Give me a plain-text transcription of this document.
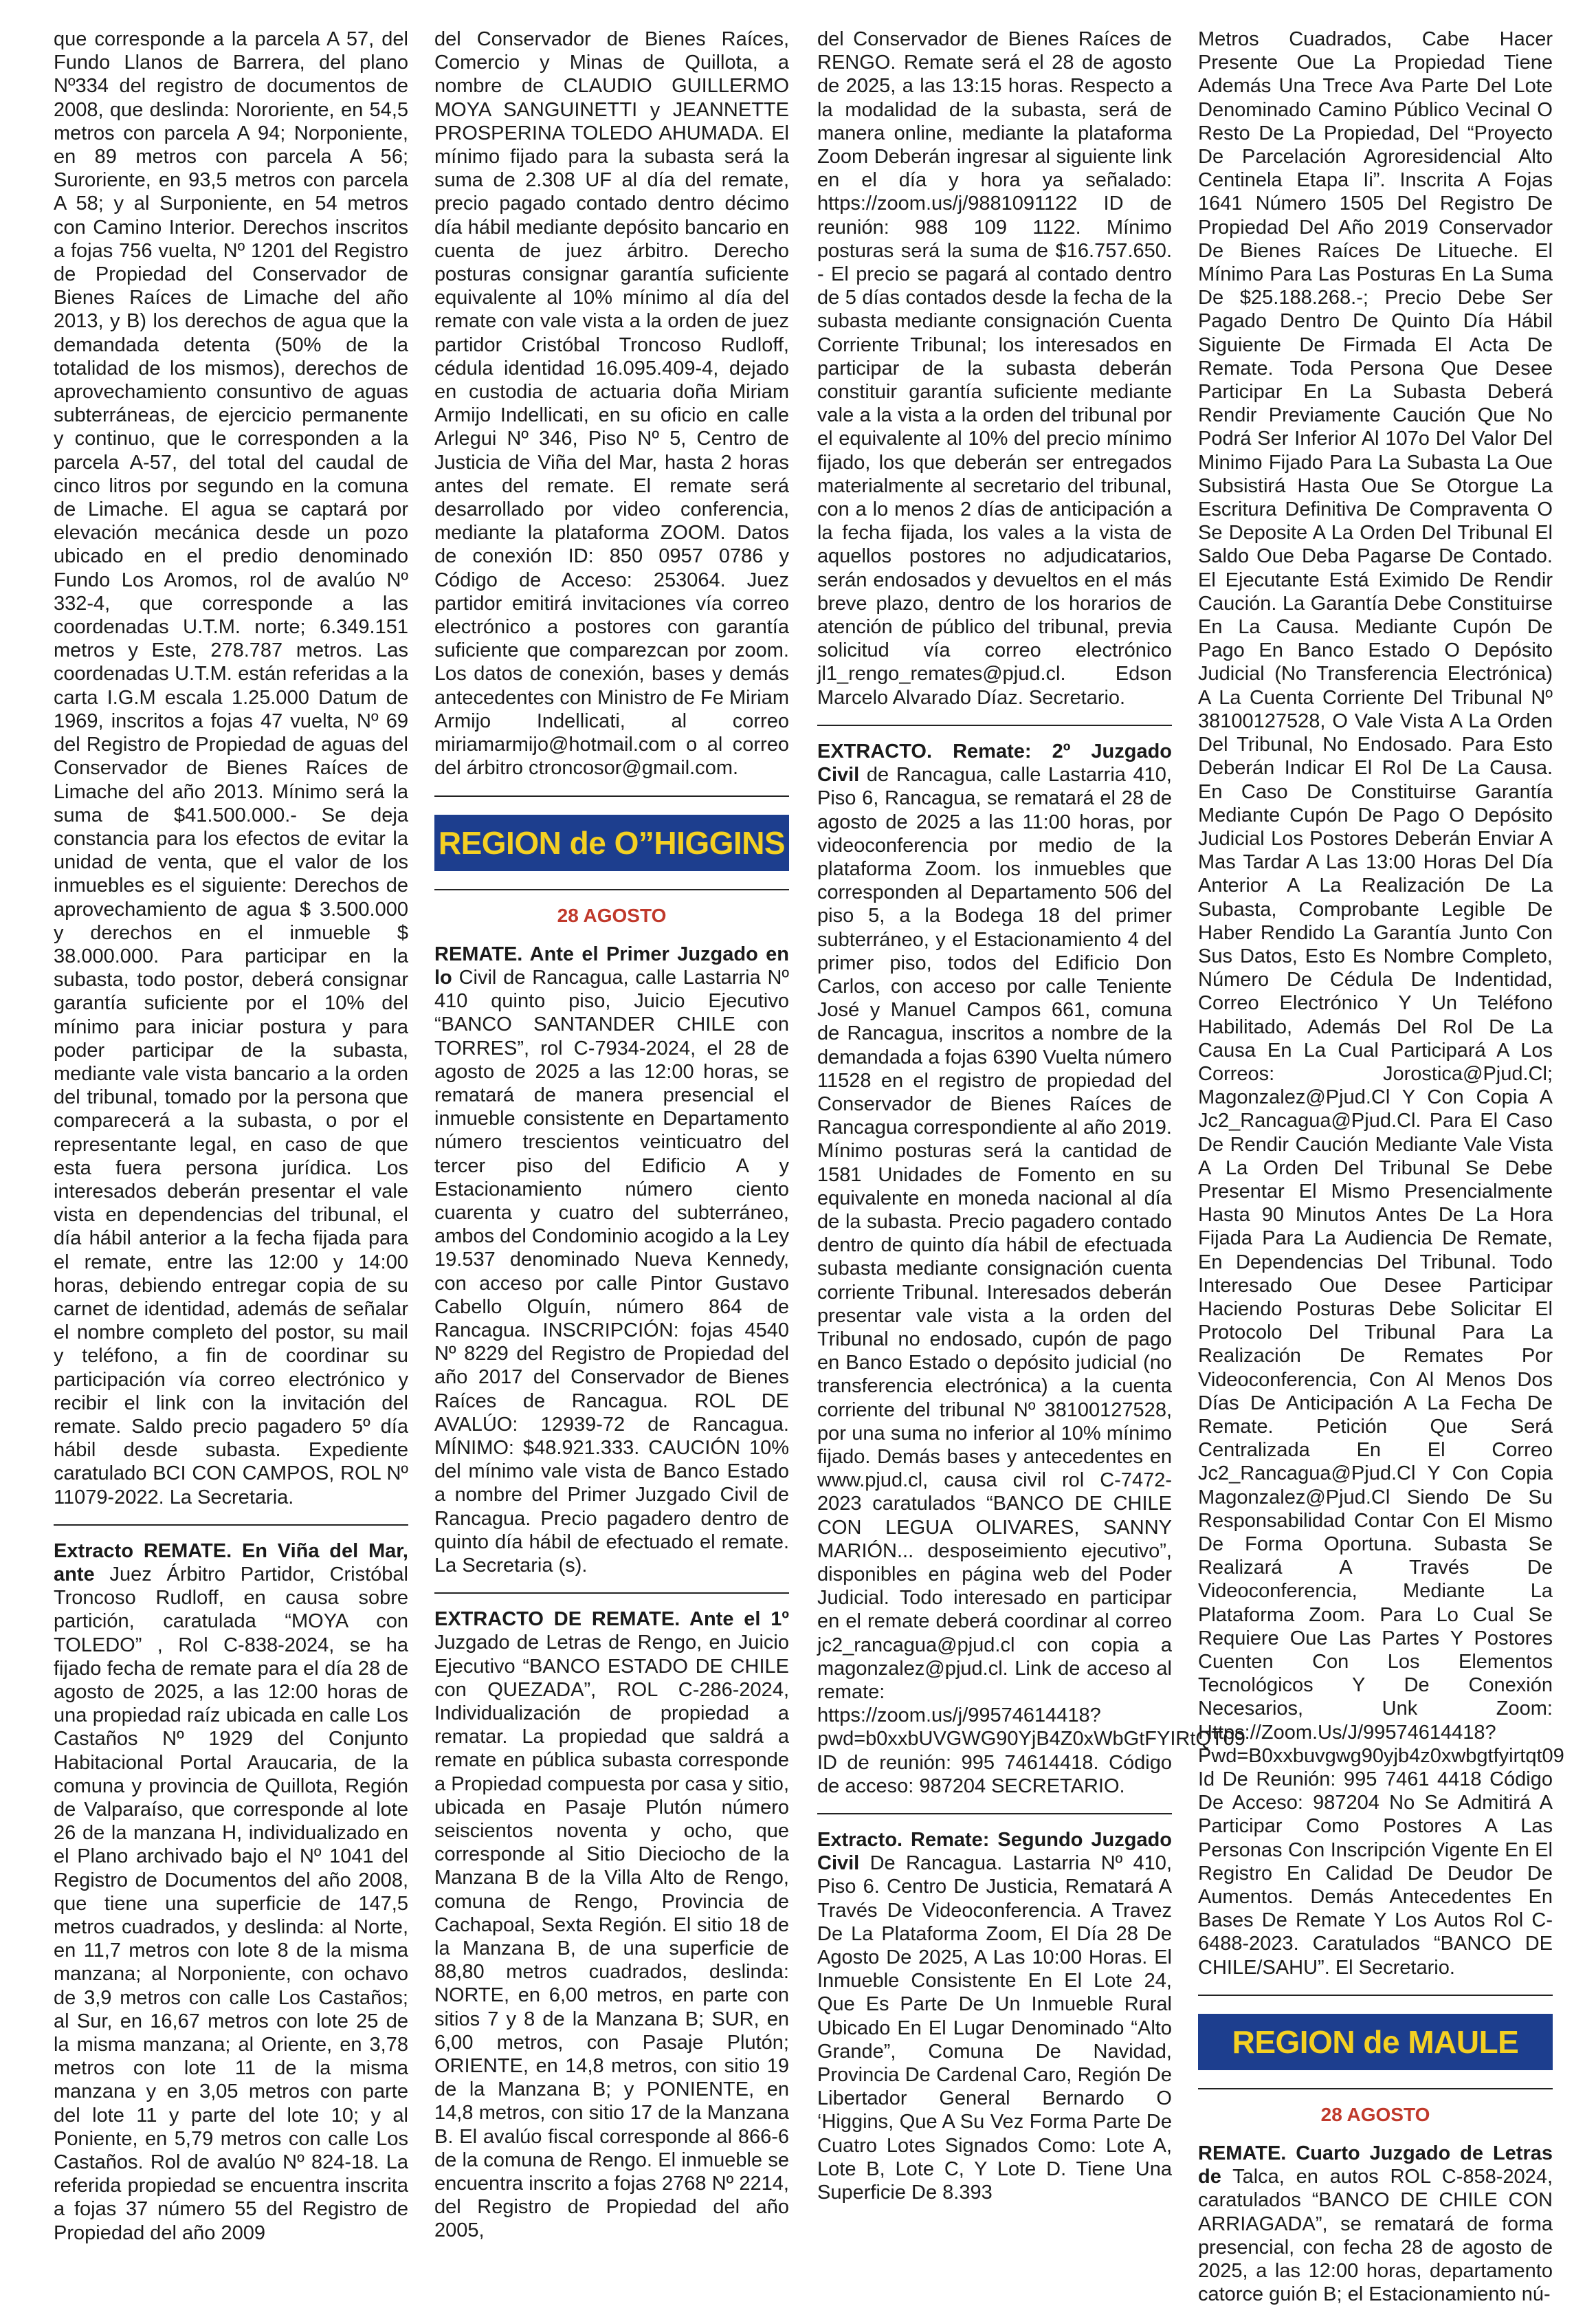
que corresponde a la parcela A 57, del Fundo Llanos de Barrera, del plano Nº334 del registro de documentos de 2008, que deslinda: Nororiente, en 54,5 metros con parcela A 94; Norponiente, en 89 metros con parcela A 56; Suroriente, en 93,5 metros con parcela A 58; y al Surponiente, en 54 metros con Camino Interior. Derechos inscritos a fojas 756 vuelta, Nº 1201 del Registro de Propiedad del Conservador de Bienes Raíces de Limache del año 2013, y B) los derechos de agua que la demandada detenta (50% de la totalidad de los mismos), derechos de aprovechamiento consuntivo de aguas subterráneas, de ejercicio permanente y continuo, que le corresponden a la parcela A-57, del total del caudal de cinco litros por segundo en la comuna de Limache. El agua se captará por elevación mecánica desde un pozo ubicado en el predio denominado Fundo Los Aromos, rol de avalúo Nº 332-4, que corresponde a las coordenadas U.T.M. norte; 6.349.151 metros y Este, 278.787 metros. Las coordenadas U.T.M. están referidas a la carta I.G.M escala 1.25.000 Datum de 1969, inscritos a fojas 47 vuelta, Nº 69 del Registro de Propiedad de aguas del Conservador de Bienes Raíces de Limache del año 2013. Mínimo será la suma de $41.500.000.- Se deja constancia para los efectos de evitar la unidad de venta, que el valor de los inmuebles es el siguiente: Derechos de aprovechamiento de agua $ 3.500.000 y derechos en el inmueble $ 38.000.000. Para participar en la subasta, todo postor, deberá consignar garantía suficiente por el 10% del mínimo para iniciar postura y para poder participar de la subasta, mediante vale vista bancario a la orden del tribunal, tomado por la persona que comparecerá a la subasta, o por el representante legal, en caso de que esta fuera persona jurídica. Los interesados deberán presentar el vale vista en dependencias del tribunal, el día hábil anterior a la fecha fijada para el remate, entre las 12:00 y 14:00 horas, debiendo entregar copia de su carnet de identidad, además de señalar el nombre completo del postor, su mail y teléfono, a fin de coordinar su participación vía correo electrónico y recibir el link con la invitación del remate. Saldo precio pagadero 5º día hábil desde subasta. Expediente caratulado BCI CON CAMPOS, ROL Nº 11079-2022. La Secretaria.

Extracto REMATE. En Viña del Mar, ante Juez Árbitro Partidor, Cristóbal Troncoso Rudloff, en causa sobre partición, caratulada “MOYA con TOLEDO” , Rol C-838-2024, se ha fijado fecha de remate para el día 28 de agosto de 2025, a las 12:00 horas de una propiedad raíz ubicada en calle Los Castaños Nº 1929 del Conjunto Habitacional Portal Araucaria, de la comuna y provincia de Quillota, Región de Valparaíso, que corresponde al lote 26 de la manzana H, individualizado en el Plano archivado bajo el Nº 1041 del Registro de Documentos del año 2008, que tiene una superficie de 147,5 metros cuadrados, y deslinda: al Norte, en 11,7 metros con lote 8 de la misma manzana; al Norponiente, con ochavo de 3,9 metros con calle Los Castaños; al Sur, en 16,67 metros con lote 25 de la misma manzana; al Oriente, en 3,78 metros con lote 11 de la misma manzana y en 3,05 metros con parte del lote 11 y parte del lote 10; y al Poniente, en 5,79 metros con calle Los Castaños. Rol de avalúo Nº 824-18. La referida propiedad se encuentra inscrita a fojas 37 número 55 del Registro de Propiedad del año 2009

del Conservador de Bienes Raíces, Comercio y Minas de Quillota, a nombre de CLAUDIO GUILLERMO MOYA SANGUINETTI y JEANNETTE PROSPERINA TOLEDO AHUMADA. El mínimo fijado para la subasta será la suma de 2.308 UF al día del remate, precio pagado contado dentro décimo día hábil mediante depósito bancario en cuenta de juez árbitro. Derecho posturas consignar garantía suficiente equivalente al 10% mínimo al día del remate con vale vista a la orden de juez partidor Cristóbal Troncoso Rudloff, cédula identidad 16.095.409-4, dejado en custodia de actuaria doña Miriam Armijo Indellicati, en su oficio en calle Arlegui Nº 346, Piso Nº 5, Centro de Justicia de Viña del Mar, hasta 2 horas antes del remate. El remate será desarrollado por video conferencia, mediante la plataforma ZOOM. Datos de conexión ID: 850 0957 0786 y Código de Acceso: 253064. Juez partidor emitirá invitaciones vía correo electrónico a postores con garantía suficiente que comparezcan por zoom. Los datos de conexión, bases y demás antecedentes con Ministro de Fe Miriam Armijo Indellicati, al correo miriamarmijo@hotmail.com o al correo del árbitro ctroncosor@gmail.com.

REGION de O”HIGGINS
28 AGOSTO

REMATE. Ante el Primer Juzgado en lo Civil de Rancagua, calle Lastarria Nº 410 quinto piso, Juicio Ejecutivo “BANCO SANTANDER CHILE con TORRES”, rol C-7934-2024, el 28 de agosto de 2025 a las 12:00 horas, se rematará de manera presencial el inmueble consistente en Departamento número trescientos veinticuatro del tercer piso del Edificio A y Estacionamiento número ciento cuarenta y cuatro del subterráneo, ambos del Condominio acogido a la Ley 19.537 denominado Nueva Kennedy, con acceso por calle Pintor Gustavo Cabello Olguín, número 864 de Rancagua. INSCRIPCIÓN: fojas 4540 Nº 8229 del Registro de Propiedad del año 2017 del Conservador de Bienes Raíces de Rancagua. ROL DE AVALÚO: 12939-72 de Rancagua. MÍNIMO: $48.921.333. CAUCIÓN 10% del mínimo vale vista de Banco Estado a nombre del Primer Juzgado Civil de Rancagua. Precio pagadero dentro de quinto día hábil de efectuado el remate. La Secretaria (s).

EXTRACTO DE REMATE. Ante el 1º Juzgado de Letras de Rengo, en Juicio Ejecutivo “BANCO ESTADO DE CHILE con QUEZADA”, ROL C-286-2024, Individualización de propiedad a rematar. La propiedad que saldrá a remate en pública subasta corresponde a Propiedad compuesta por casa y sitio, ubicada en Pasaje Plutón número seiscientos noventa y ocho, que corresponde al Sitio Dieciocho de la Manzana B de la Villa Alto de Rengo, comuna de Rengo, Provincia de Cachapoal, Sexta Región. El sitio 18 de la Manzana B, de una superficie de 88,80 metros cuadrados, deslinda: NORTE, en 6,00 metros, en parte con sitios 7 y 8 de la Manzana B; SUR, en 6,00 metros, con Pasaje Plutón; ORIENTE, en 14,8 metros, con sitio 19 de la Manzana B; y PONIENTE, en 14,8 metros, con sitio 17 de la Manzana B. El avalúo fiscal corresponde al 866-6 de la comuna de Rengo. El inmueble se encuentra inscrito a fojas 2768 Nº 2214, del Registro de Propiedad del año 2005,

del Conservador de Bienes Raíces de RENGO. Remate será el 28 de agosto de 2025, a las 13:15 horas. Respecto a la modalidad de la subasta, será de manera online, mediante la plataforma Zoom Deberán ingresar al siguiente link en el día y hora ya señalado: https://zoom.us/j/9881091122 ID de reunión: 988 109 1122. Mínimo posturas será la suma de $16.757.650. - El precio se pagará al contado dentro de 5 días contados desde la fecha de la subasta mediante consignación Cuenta Corriente Tribunal; los interesados en participar de la subasta deberán constituir garantía suficiente mediante vale a la vista a la orden del tribunal por el equivalente al 10% del precio mínimo fijado, los que deberán ser entregados materialmente al secretario del tribunal, con a lo menos 2 días de anticipación a la fecha fijada, los vales a la vista de aquellos postores no adjudicatarios, serán endosados y devueltos en el más breve plazo, dentro de los horarios de atención de público del tribunal, previa solicitud vía correo electrónico jl1_rengo_remates@pjud.cl. Edson Marcelo Alvarado Díaz. Secretario.

EXTRACTO. Remate: 2º Juzgado Civil de Rancagua, calle Lastarria 410, Piso 6, Rancagua, se rematará el 28 de agosto de 2025 a las 11:00 horas, por videoconferencia por medio de la plataforma Zoom. los inmuebles que corresponden al Departamento 506 del piso 5, a la Bodega 18 del primer subterráneo, y el Estacionamiento 4 del primer piso, todos del Edificio Don Carlos, con acceso por calle Teniente José y Manuel Campos 661, comuna de Rancagua, inscritos a nombre de la demandada a fojas 6390 Vuelta número 11528 en el registro de propiedad del Conservador de Bienes Raíces de Rancagua correspondiente al año 2019. Mínimo posturas será la cantidad de 1581 Unidades de Fomento en su equivalente en moneda nacional al día de la subasta. Precio pagadero contado dentro de quinto día hábil de efectuada subasta mediante consignación cuenta corriente Tribunal. Interesados deberán presentar vale vista a la orden del Tribunal no endosado, cupón de pago en Banco Estado o depósito judicial (no transferencia electrónica) a la cuenta corriente del tribunal Nº 38100127528, por una suma no inferior al 10% mínimo fijado. Demás bases y antecedentes en www.pjud.cl, causa civil rol C-7472-2023 caratulados “BANCO DE CHILE CON LEGUA OLIVARES, SANNY MARIÓN... desposeimiento ejecutivo”, disponibles en página web del Poder Judicial. Todo interesado en participar en el remate deberá coordinar al correo jc2_rancagua@pjud.cl con copia a magonzalez@pjud.cl. Link de acceso al remate: https://zoom.us/j/99574614418?pwd=b0xxbUVGWG90YjB4Z0xWbGtFYIRtQT09 ID de reunión: 995 74614418. Código de acceso: 987204 SECRETARIO.

Extracto. Remate: Segundo Juzgado Civil De Rancagua. Lastarria Nº 410, Piso 6. Centro De Justicia, Rematará A Través De Videoconferencia. A Travez De La Plataforma Zoom, El Día 28 De Agosto De 2025, A Las 10:00 Horas. El Inmueble Consistente En El Lote 24, Que Es Parte De Un Inmueble Rural Ubicado En El Lugar Denominado “Alto Grande”, Comuna De Navidad, Provincia De Cardenal Caro, Región De Libertador General Bernardo O ‘Higgins, Que A Su Vez Forma Parte De Cuatro Lotes Signados Como: Lote A, Lote B, Lote C, Y Lote D. Tiene Una Superficie De 8.393

Metros Cuadrados, Cabe Hacer Presente Oue La Propiedad Tiene Además Una Trece Ava Parte Del Lote Denominado Camino Público Vecinal O Resto De La Propiedad, Del “Proyecto De Parcelación Agroresidencial Alto Centinela Etapa Ii”. Inscrita A Fojas 1641 Número 1505 Del Registro De Propiedad Del Año 2019 Conservador De Bienes Raíces De Litueche. El Mínimo Para Las Posturas En La Suma De $25.188.268.-; Precio Debe Ser Pagado Dentro De Quinto Día Hábil Siguiente De Firmada El Acta De Remate. Toda Persona Que Desee Participar En La Subasta Deberá Rendir Previamente Caución Que No Podrá Ser Inferior Al 107o Del Valor Del Minimo Fijado Para La Subasta La Oue Subsistirá Hasta Oue Se Otorgue La Escritura Definitiva De Compraventa O Se Deposite A La Orden Del Tribunal El Saldo Oue Deba Pagarse De Contado. El Ejecutante Está Eximido De Rendir Caución. La Garantía Debe Constituirse En La Causa. Mediante Cupón De Pago En Banco Estado O Depósito Judicial (No Transferencia Electrónica) A La Cuenta Corriente Del Tribunal Nº 38100127528, O Vale Vista A La Orden Del Tribunal, No Endosado. Para Esto Deberán Indicar El Rol De La Causa. En Caso De Constituirse Garantía Mediante Cupón De Pago O Depósito Judicial Los Postores Deberán Enviar A Mas Tardar A Las 13:00 Horas Del Día Anterior A La Realización De La Subasta, Comprobante Legible De Haber Rendido La Garantía Junto Con Sus Datos, Esto Es Nombre Completo, Número De Cédula De Indentidad, Correo Electrónico Y Un Teléfono Habilitado, Además Del Rol De La Causa En La Cual Participará A Los Correos: Jorostica@Pjud.Cl; Magonzalez@Pjud.Cl Y Con Copia A Jc2_Rancagua@Pjud.Cl. Para El Caso De Rendir Caución Mediante Vale Vista A La Orden Del Tribunal Se Debe Presentar El Mismo Presencialmente Hasta 90 Minutos Antes De La Hora Fijada Para La Audiencia De Remate, En Dependencias Del Tribunal. Todo Interesado Oue Desee Participar Haciendo Posturas Debe Solicitar El Protocolo Del Tribunal Para La Realización De Remates Por Videoconferencia, Con Al Menos Dos Días De Anticipación A La Fecha De Remate. Petición Que Será Centralizada En El Correo Jc2_Rancagua@Pjud.Cl Y Con Copia Magonzalez@Pjud.Cl Siendo De Su Responsabilidad Contar Con El Mismo De Forma Oportuna. Subasta Se Realizará A Través De Videoconferencia, Mediante La Plataforma Zoom. Para Lo Cual Se Requiere Oue Las Partes Y Postores Cuenten Con Los Elementos Tecnológicos Y De Conexión Necesarios, Unk Zoom: Https://Zoom.Us/J/99574614418?Pwd=B0xxbuvgwg90yjb4z0xwbgtfyirtqt09 Id De Reunión: 995 7461 4418 Código De Acceso: 987204 No Se Admitirá A Participar Como Postores A Las Personas Con Inscripción Vigente En El Registro En Calidad De Deudor De Aumentos. Demás Antecedentes En Bases De Remate Y Los Autos Rol C-6488-2023. Caratulados “BANCO DE CHILE/SAHU”. El Secretario.

REGION de MAULE
28 AGOSTO

REMATE. Cuarto Juzgado de Letras de Talca, en autos ROL C-858-2024, caratulados “BANCO DE CHILE CON ARRIAGADA”, se rematará de forma presencial, con fecha 28 de agosto de 2025, a las 12:00 horas, departamento catorce guión B; el Estacionamiento nú-
